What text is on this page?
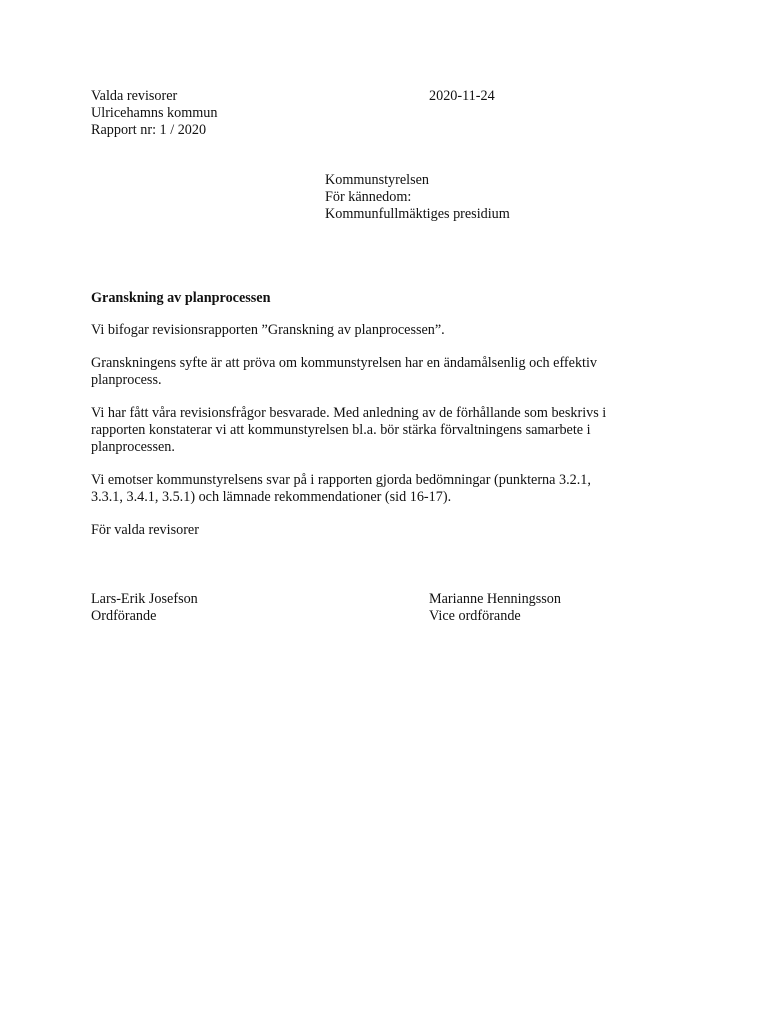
Valda revisorer
Ulricehamns kommun
Rapport nr: 1 / 2020
2020-11-24
Kommunstyrelsen
För kännedom:
Kommunfullmäktiges presidium
Granskning av planprocessen

Vi bifogar revisionsrapporten ”Granskning av planprocessen”.

Granskningens syfte är att pröva om kommunstyrelsen har en ändamålsenlig och effektiv
planprocess.

Vi har fått våra revisionsfrågor besvarade. Med anledning av de förhållande som beskrivs i
rapporten konstaterar vi att kommunstyrelsen bl.a. bör stärka förvaltningens samarbete i
planprocessen.

Vi emotser kommunstyrelsens svar på i rapporten gjorda bedömningar (punkterna 3.2.1,
3.3.1, 3.4.1, 3.5.1) och lämnade rekommendationer (sid 16-17).

För valda revisorer

Lars-Erik Josefson
Ordförande
Marianne Henningsson
Vice ordförande
